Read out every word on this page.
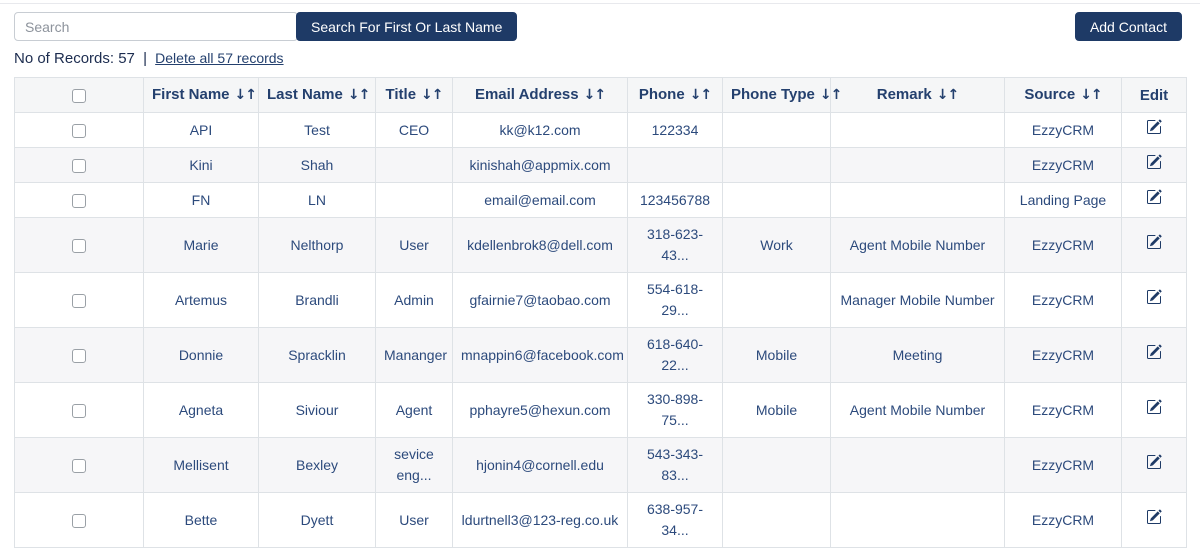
Search
Search For First Or Last Name	Add Contact
No of Records: 57 | Delete all 57 records
	First Name ↓↑	Last Name ↓↑	Title ↓↑	Email Address ↓↑	Phone ↓↑	Phone Type ↓↑	Remark ↓↑	Source ↓↑	Edit
	API	Test	CEO	kk@k12.com	122334			EzzyCRM	
	Kini	Shah		kinishah@appmix.com				EzzyCRM	
	FN	LN		email@email.com	123456788			Landing Page	
	Marie	Nelthorp	User	kdellenbrok8@dell.com	318-623-
43...	Work	Agent Mobile Number	EzzyCRM	
	Artemus	Brandli	Admin	gfairnie7@taobao.com	554-618-
29...		Manager Mobile Number	EzzyCRM	
	Donnie	Spracklin	Mananger	mnappin6@facebook.com	618-640-
22...	Mobile	Meeting	EzzyCRM	
	Agneta	Siviour	Agent	pphayre5@hexun.com	330-898-
75...	Mobile	Agent Mobile Number	EzzyCRM	
	Mellisent	Bexley	sevice
eng...	hjonin4@cornell.edu	543-343-
83...			EzzyCRM	
	Bette	Dyett	User	ldurtnell3@123-reg.co.uk	638-957-
34...			EzzyCRM	
